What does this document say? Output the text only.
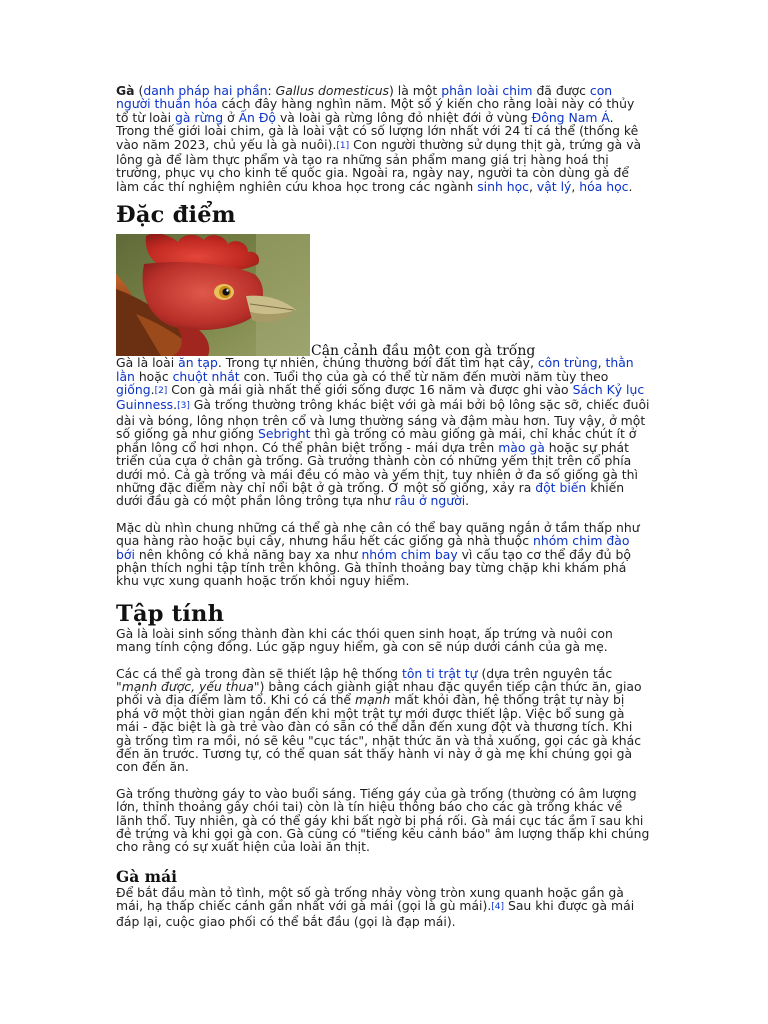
Gà (danh pháp hai phần: Gallus domesticus) là một phân loài chim đã được con người thuần hóa cách đây hàng nghìn năm. Một số ý kiến cho rằng loài này có thủy tổ từ loài gà rừng ở Ấn Độ và loài gà rừng lông đỏ nhiệt đới ở vùng Đông Nam Á. Trong thế giới loài chim, gà là loài vật có số lượng lớn nhất với 24 tỉ cá thể (thống kê vào năm 2023, chủ yếu là gà nuôi).[1] Con người thường sử dụng thịt gà, trứng gà và lông gà để làm thực phẩm và tạo ra những sản phẩm mang giá trị hàng hoá thị trường, phục vụ cho kinh tế quốc gia. Ngoài ra, ngày nay, người ta còn dùng gà để làm các thí nghiệm nghiên cứu khoa học trong các ngành sinh học, vật lý, hóa học.

Đặc điểm
Cận cảnh đầu một con gà trống

Gà là loài ăn tạp. Trong tự nhiên, chúng thường bới đất tìm hạt cây, côn trùng, thằn lằn hoặc chuột nhắt con. Tuổi thọ của gà có thể từ năm đến mười năm tùy theo giống.[2] Con gà mái già nhất thế giới sống được 16 năm và được ghi vào Sách Kỷ lục Guinness.[3] Gà trống thường trông khác biệt với gà mái bởi bộ lông sặc sỡ, chiếc đuôi dài và bóng, lông nhọn trên cổ và lưng thường sáng và đậm màu hơn. Tuy vậy, ở một số giống gà như giống Sebright thì gà trống có màu giống gà mái, chỉ khác chút ít ở phần lông cổ hơi nhọn. Có thể phân biệt trống - mái dựa trên mào gà hoặc sự phát triển của cựa ở chân gà trống. Gà trưởng thành còn có những yếm thịt trên cổ phía dưới mỏ. Cả gà trống và mái đều có mào và yếm thịt, tuy nhiên ở đa số giống gà thì những đặc điểm này chỉ nổi bật ở gà trống. Ở một số giống, xảy ra đột biến khiến dưới đầu gà có một phần lông trông tựa như râu ở người.

Mặc dù nhìn chung những cá thể gà nhẹ cân có thể bay quãng ngắn ở tầm thấp như qua hàng rào hoặc bụi cây, nhưng hầu hết các giống gà nhà thuộc nhóm chim đào bới nên không có khả năng bay xa như nhóm chim bay vì cấu tạo cơ thể đầy đủ bộ phận thích nghi tập tính trên không. Gà thỉnh thoảng bay từng chặp khi khám phá khu vực xung quanh hoặc trốn khỏi nguy hiểm.

Tập tính

Gà là loài sinh sống thành đàn khi các thói quen sinh hoạt, ấp trứng và nuôi con mang tính cộng đồng. Lúc gặp nguy hiểm, gà con sẽ núp dưới cánh của gà mẹ.

Các cá thể gà trong đàn sẽ thiết lập hệ thống tôn ti trật tự (dựa trên nguyên tắc "mạnh được, yếu thua") bằng cách giành giật nhau đặc quyền tiếp cận thức ăn, giao phối và địa điểm làm tổ. Khi có cá thể mạnh mất khỏi đàn, hệ thống trật tự này bị phá vỡ một thời gian ngắn đến khi một trật tự mới được thiết lập. Việc bổ sung gà mái - đặc biệt là gà trẻ vào đàn có sẵn có thể dẫn đến xung đột và thương tích. Khi gà trống tìm ra mồi, nó sẽ kêu "cục tác", nhặt thức ăn và thả xuống, gọi các gà khác đến ăn trước. Tương tự, có thể quan sát thấy hành vi này ở gà mẹ khi chúng gọi gà con đến ăn.

Gà trống thường gáy to vào buổi sáng. Tiếng gáy của gà trống (thường có âm lượng lớn, thỉnh thoảng gây chói tai) còn là tín hiệu thông báo cho các gà trống khác về lãnh thổ. Tuy nhiên, gà có thể gáy khi bất ngờ bị phá rối. Gà mái cục tác ầm ĩ sau khi đẻ trứng và khi gọi gà con. Gà cũng có "tiếng kêu cảnh báo" âm lượng thấp khi chúng cho rằng có sự xuất hiện của loài ăn thịt.

Gà mái

Để bắt đầu màn tỏ tình, một số gà trống nhảy vòng tròn xung quanh hoặc gần gà mái, hạ thấp chiếc cánh gần nhất với gà mái (gọi là gù mái).[4] Sau khi được gà mái đáp lại, cuộc giao phối có thể bắt đầu (gọi là đạp mái).
